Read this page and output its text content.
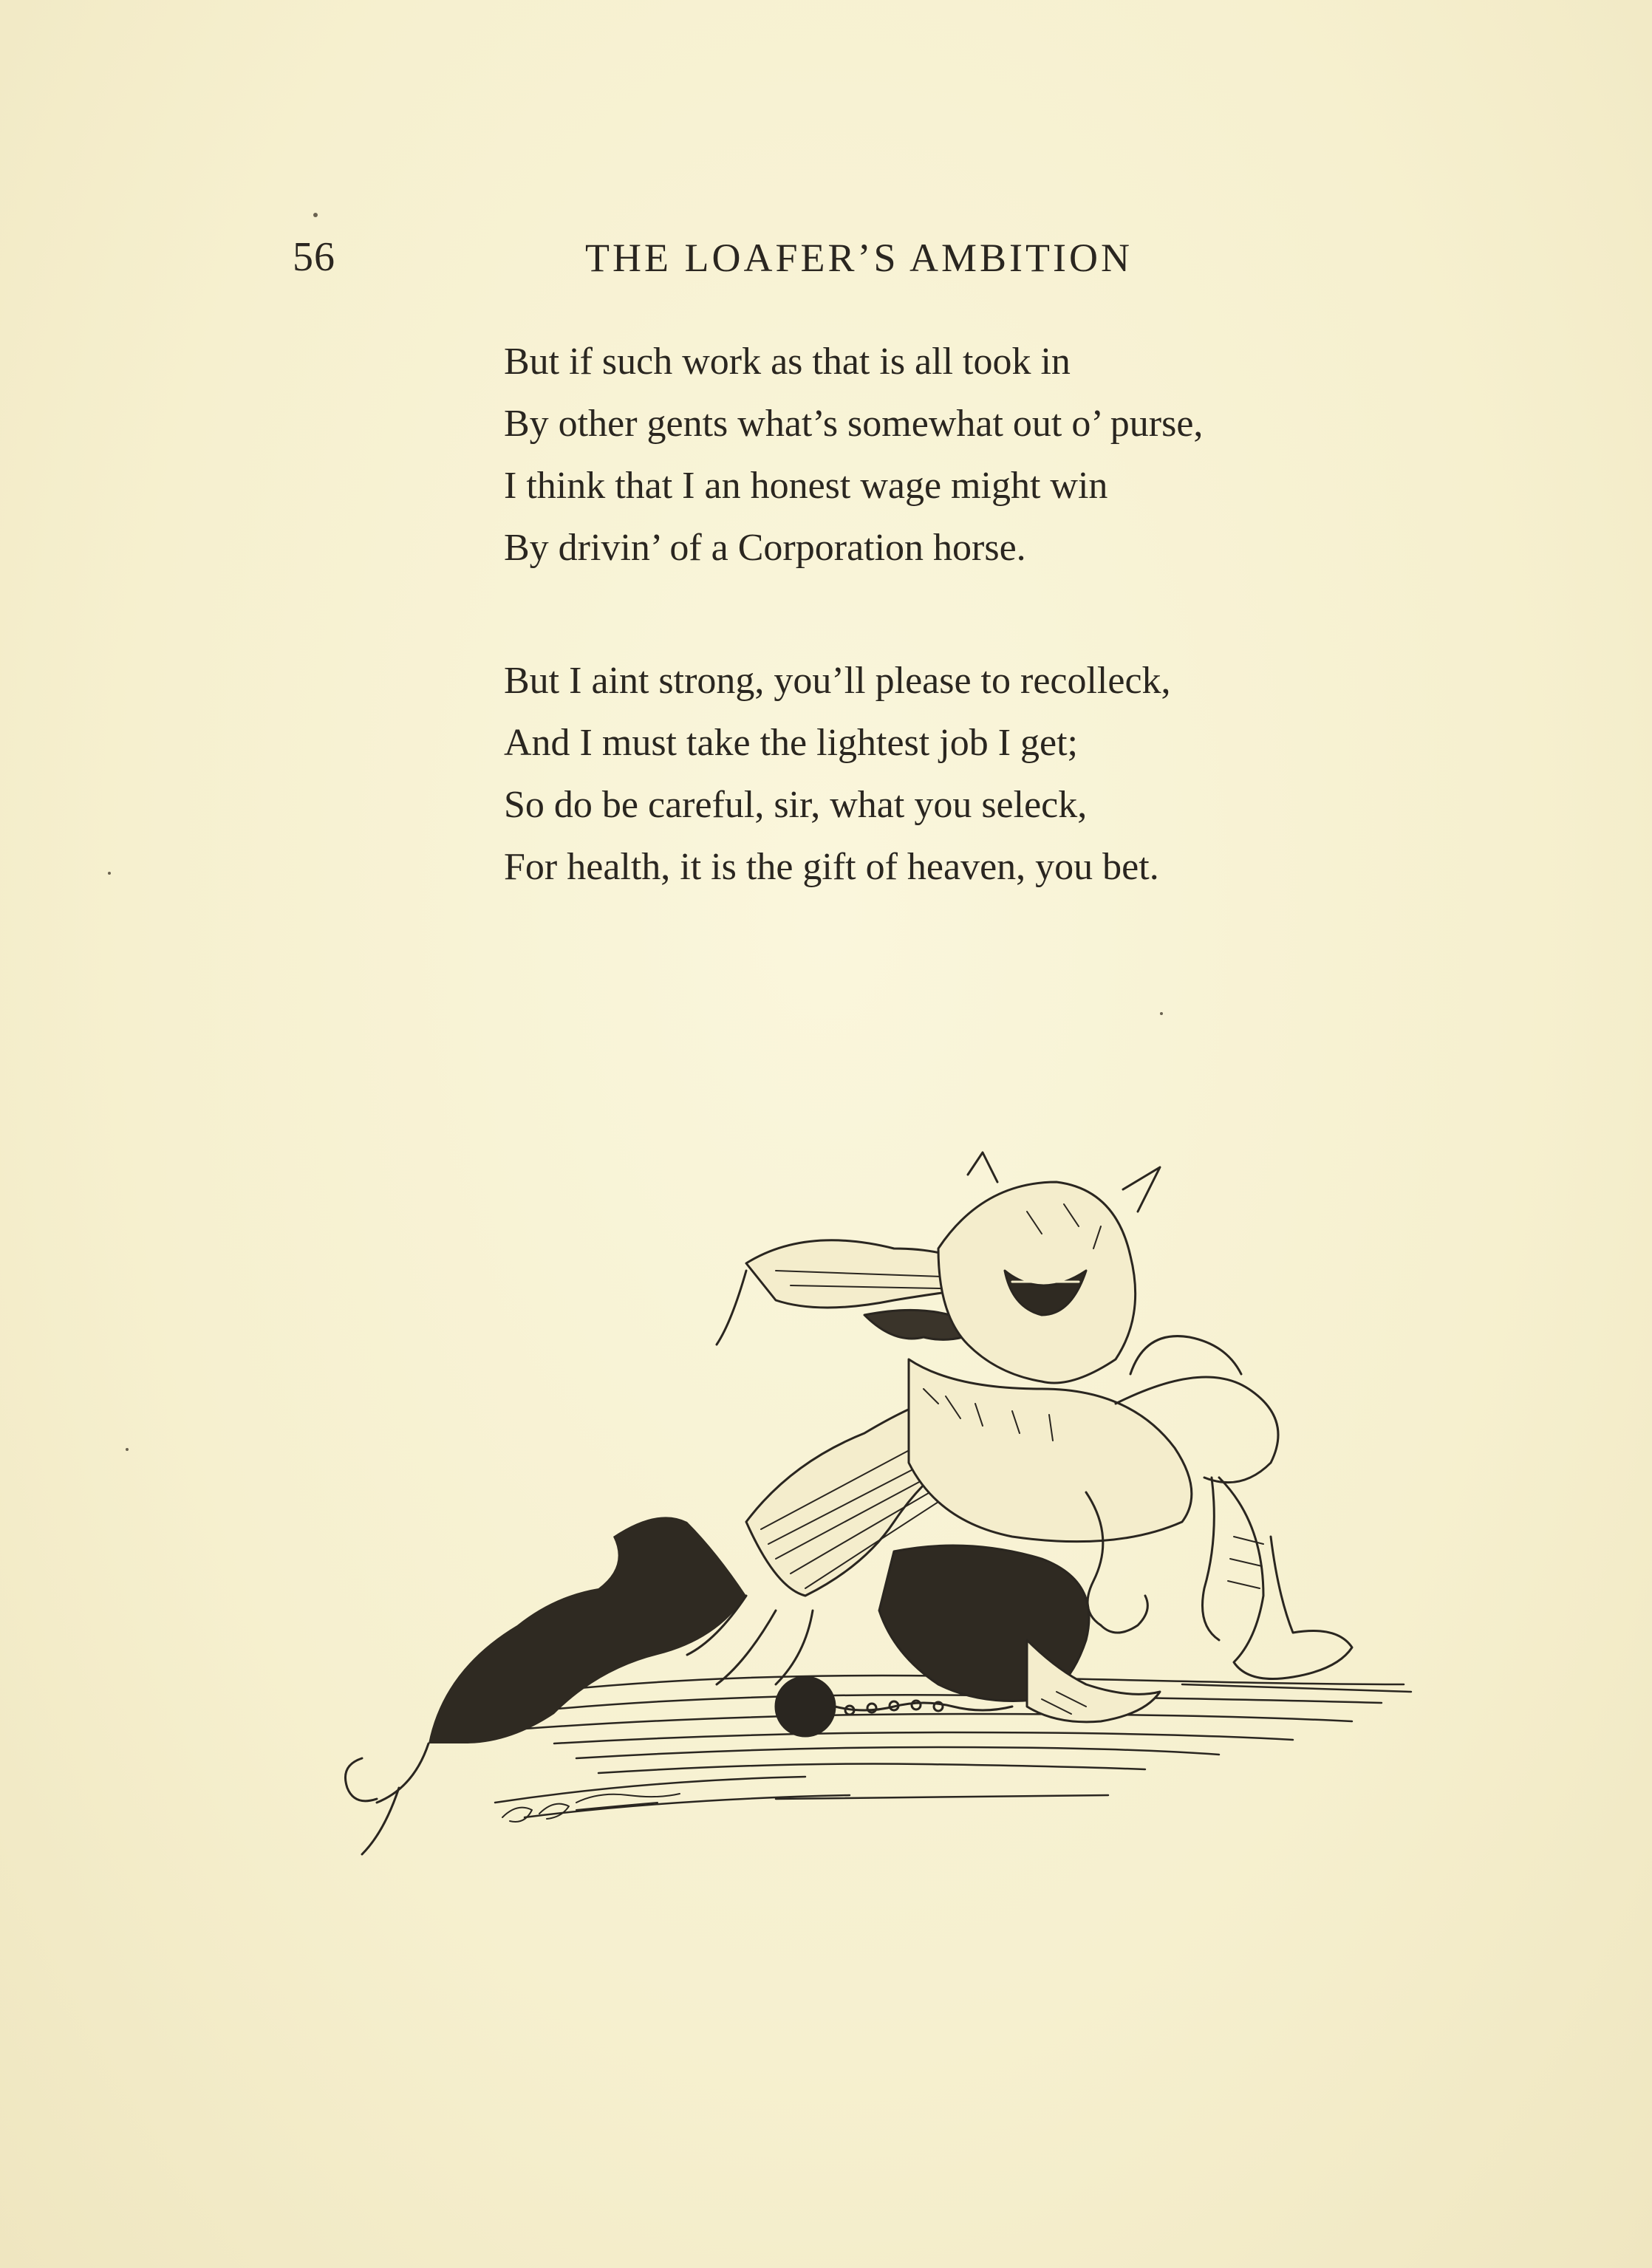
56	THE LOAFER’S AMBITION
But if such work as that is all took in
By other gents what’s somewhat out o’ purse,
I think that I an honest wage might win
By drivin’ of a Corporation horse.
But I aint strong, you’ll please to recolleck,
And I must take the lightest job I get;
So do be careful, sir, what you seleck,
For health, it is the gift of heaven, you bet.
